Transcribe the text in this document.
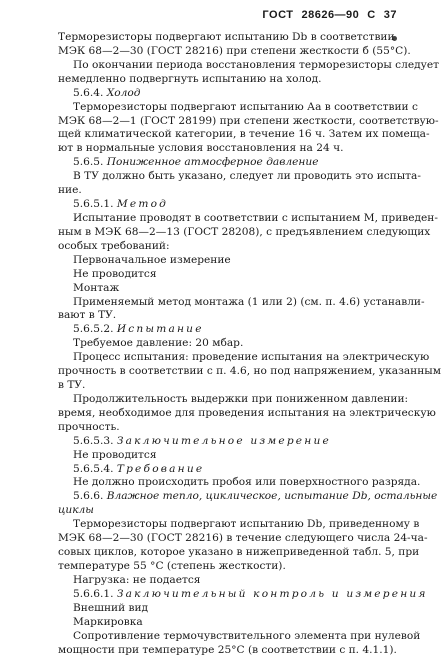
ГОСТ 28626—90 С 37
Терморезисторы подвергают испытанию Db в соответствии
МЭК 68—2—30 (ГОСТ 28216) при степени жесткости б (55°С).
По окончании периода восстановления терморезисторы следует
немедленно подвергнуть испытанию на холод.
5.6.4. Холод
Терморезисторы подвергают испытанию Аа в соответствии с
МЭК 68—2—1 (ГОСТ 28199) при степени жесткости, соответствую-
щей климатической категории, в течение 16 ч. Затем их помеща-
ют в нормальные условия восстановления на 24 ч.
5.6.5. Пониженное атмосферное давление
В ТУ должно быть указано, следует ли проводить это испыта-
ние.
5.6.5.1. Метод
Испытание проводят в соответствии с испытанием М, приведен-
ным в МЭК 68—2—13 (ГОСТ 28208), с предъявлением следующих
особых требований:
Первоначальное измерение
Не проводится
Монтаж
Применяемый метод монтажа (1 или 2) (см. п. 4.6) устанавли-
вают в ТУ.
5.6.5.2. Испытание
Требуемое давление: 20 мбар.
Процесс испытания: проведение испытания на электрическую
прочность в соответствии с п. 4.6, но под напряжением, указанным
в ТУ.
Продолжительность выдержки при пониженном давлении:
время, необходимое для проведения испытания на электрическую
прочность.
5.6.5.3. Заключительное измерение
Не проводится
5.6.5.4. Требование
Не должно происходить пробоя или поверхностного разряда.
5.6.6. Влажное тепло, циклическое, испытание Db, остальные
циклы
Терморезисторы подвергают испытанию Db, приведенному в
МЭК 68—2—30 (ГОСТ 28216) в течение следующего числа 24-ча-
совых циклов, которое указано в нижеприведенной табл. 5, при
температуре 55 °С (степень жесткости).
Нагрузка: не подается
5.6.6.1. Заключительный контроль и измерения
Внешний вид
Маркировка
Сопротивление термочувствительного элемента при нулевой
мощности при температуре 25°С (в соответствии с п. 4.1.1).
